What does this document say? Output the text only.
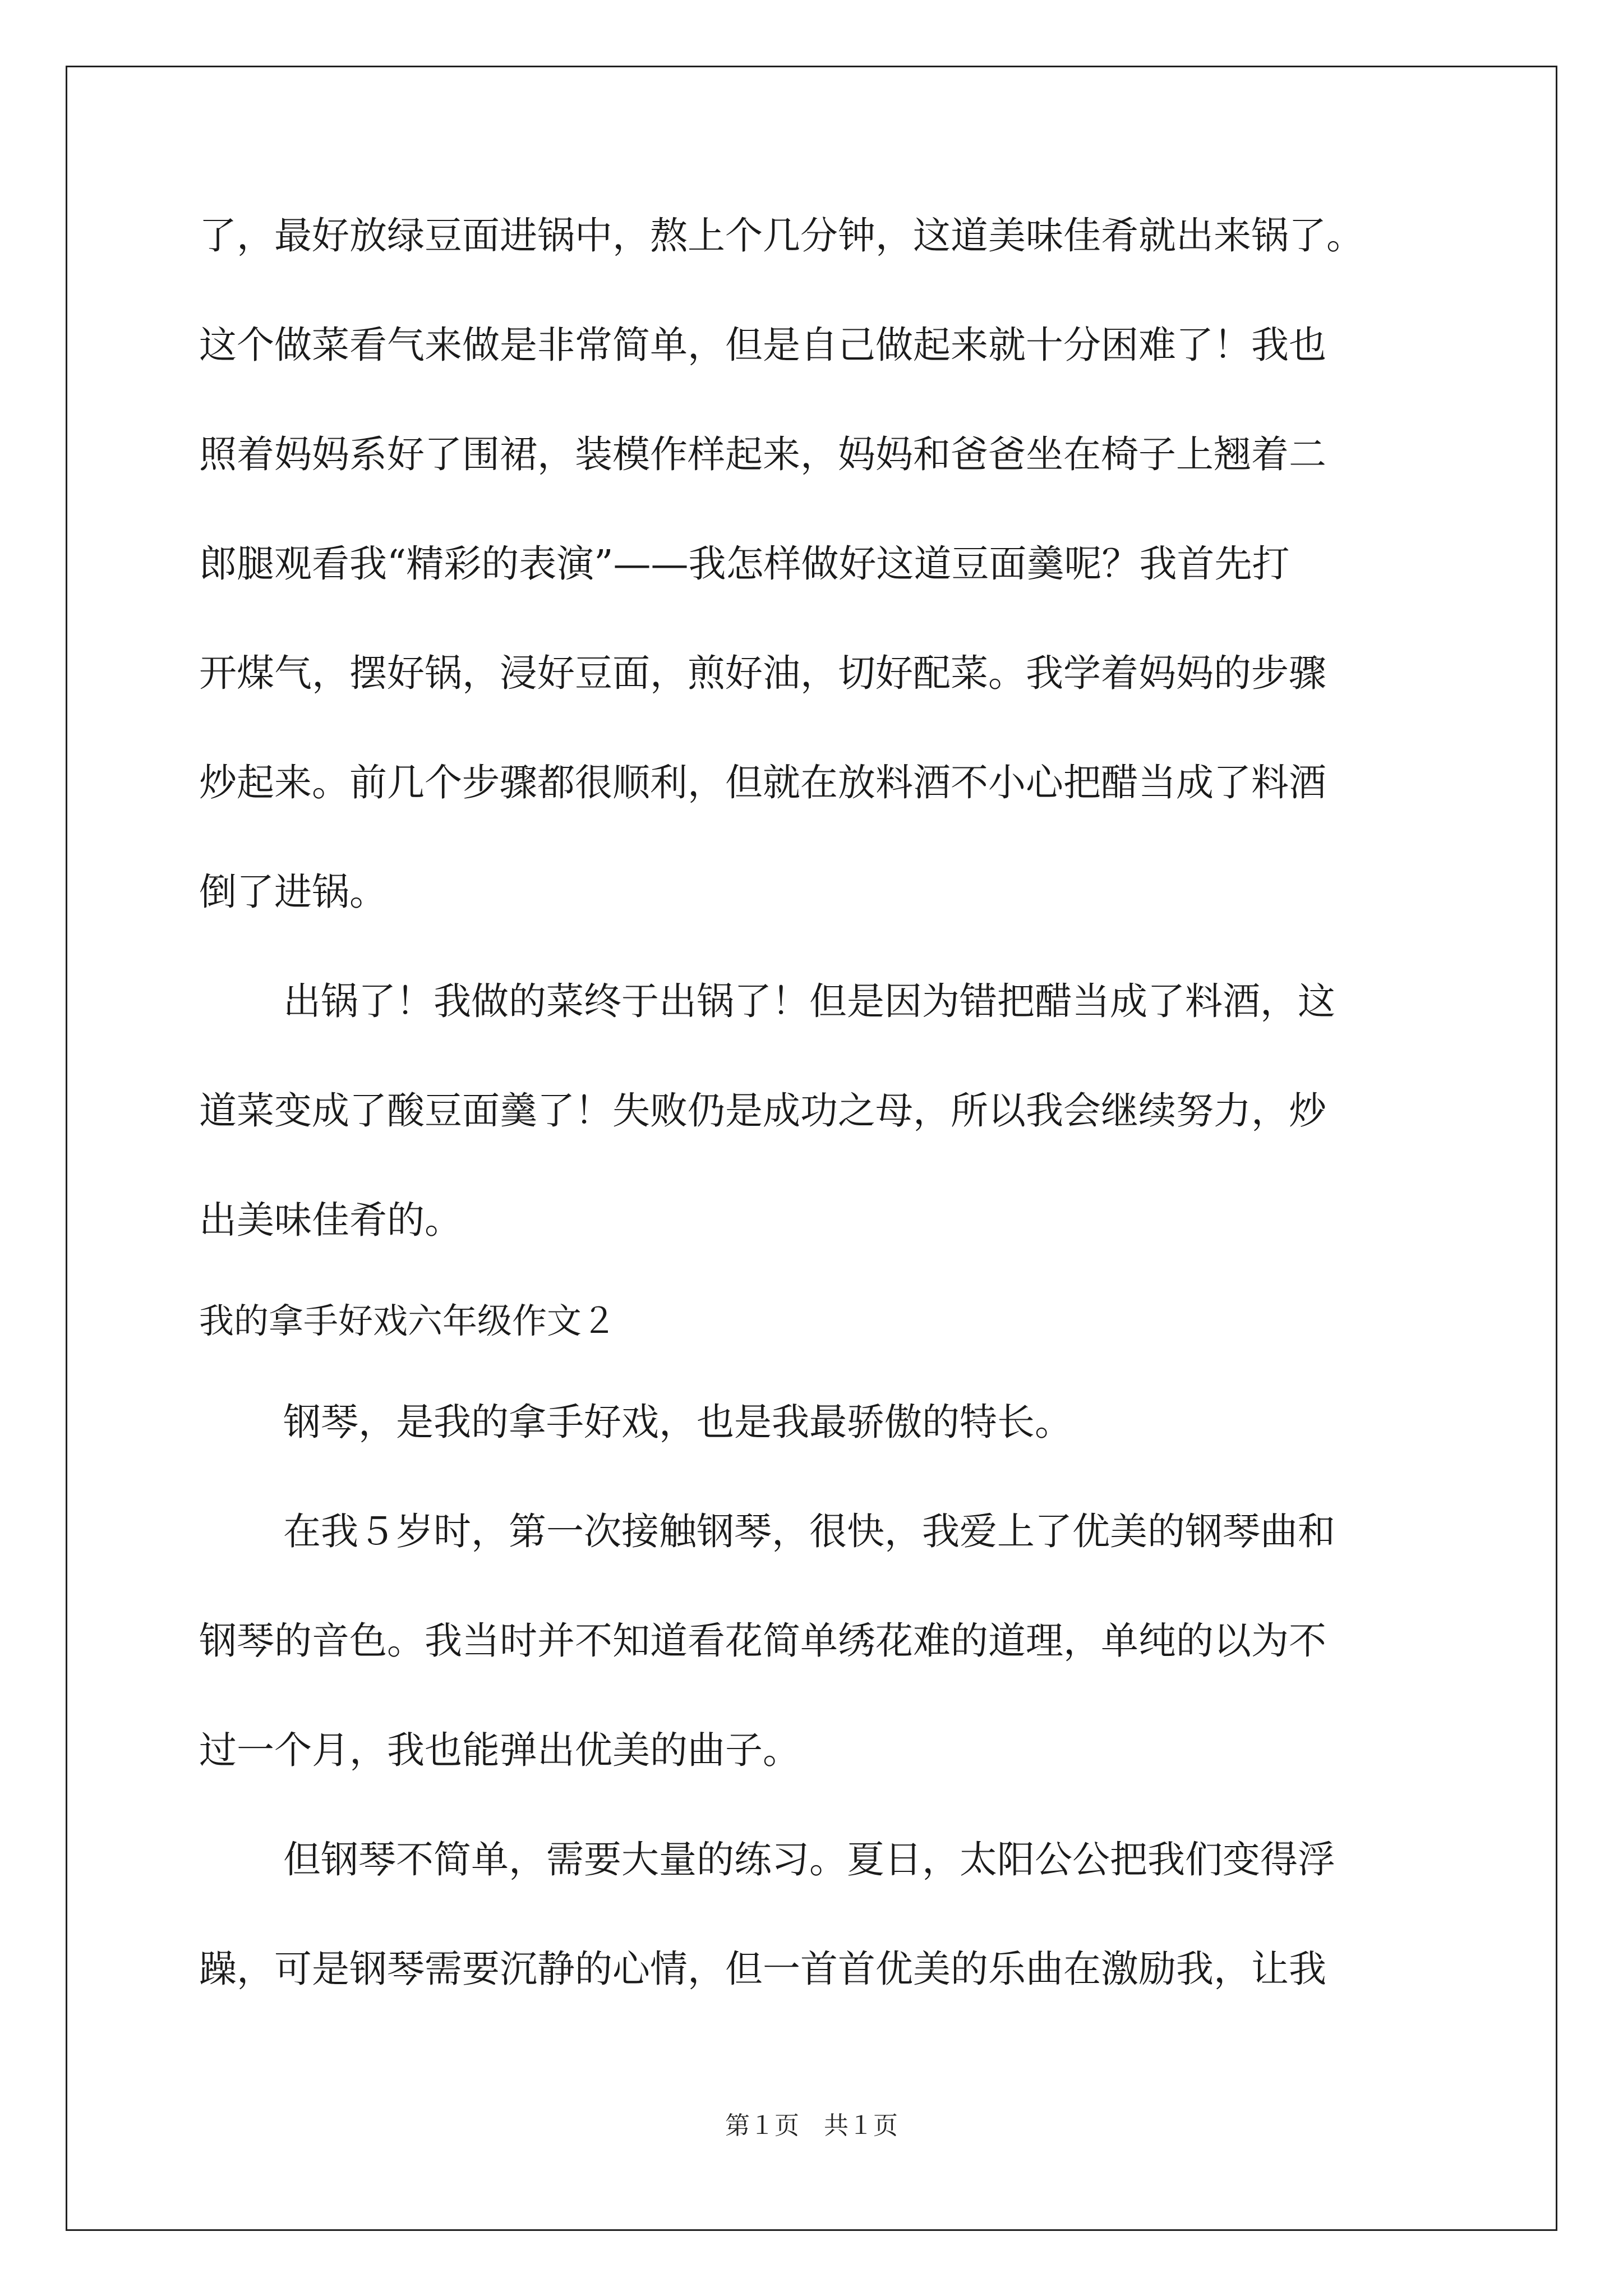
了，最好放绿豆面进锅中，熬上个几分钟，这道美味佳肴就出来锅了。
这个做菜看气来做是非常简单，但是自己做起来就十分困难了！我也
照着妈妈系好了围裙，装模作样起来，妈妈和爸爸坐在椅子上翘着二
郎腿观看我“精彩的表演”——我怎样做好这道豆面羹呢？我首先打
开煤气，摆好锅，浸好豆面，煎好油，切好配菜。我学着妈妈的步骤
炒起来。前几个步骤都很顺利，但就在放料酒不小心把醋当成了料酒
倒了进锅。
出锅了！我做的菜终于出锅了！但是因为错把醋当成了料酒，这
道菜变成了酸豆面羹了！失败仍是成功之母，所以我会继续努力，炒
出美味佳肴的。
我的拿手好戏六年级作文２
钢琴，是我的拿手好戏，也是我最骄傲的特长。
在我５岁时，第一次接触钢琴，很快，我爱上了优美的钢琴曲和
钢琴的音色。我当时并不知道看花简单绣花难的道理，单纯的以为不
过一个月，我也能弹出优美的曲子。
但钢琴不简单，需要大量的练习。夏日，太阳公公把我们变得浮
躁，可是钢琴需要沉静的心情，但一首首优美的乐曲在激励我，让我
第１页　共１页
